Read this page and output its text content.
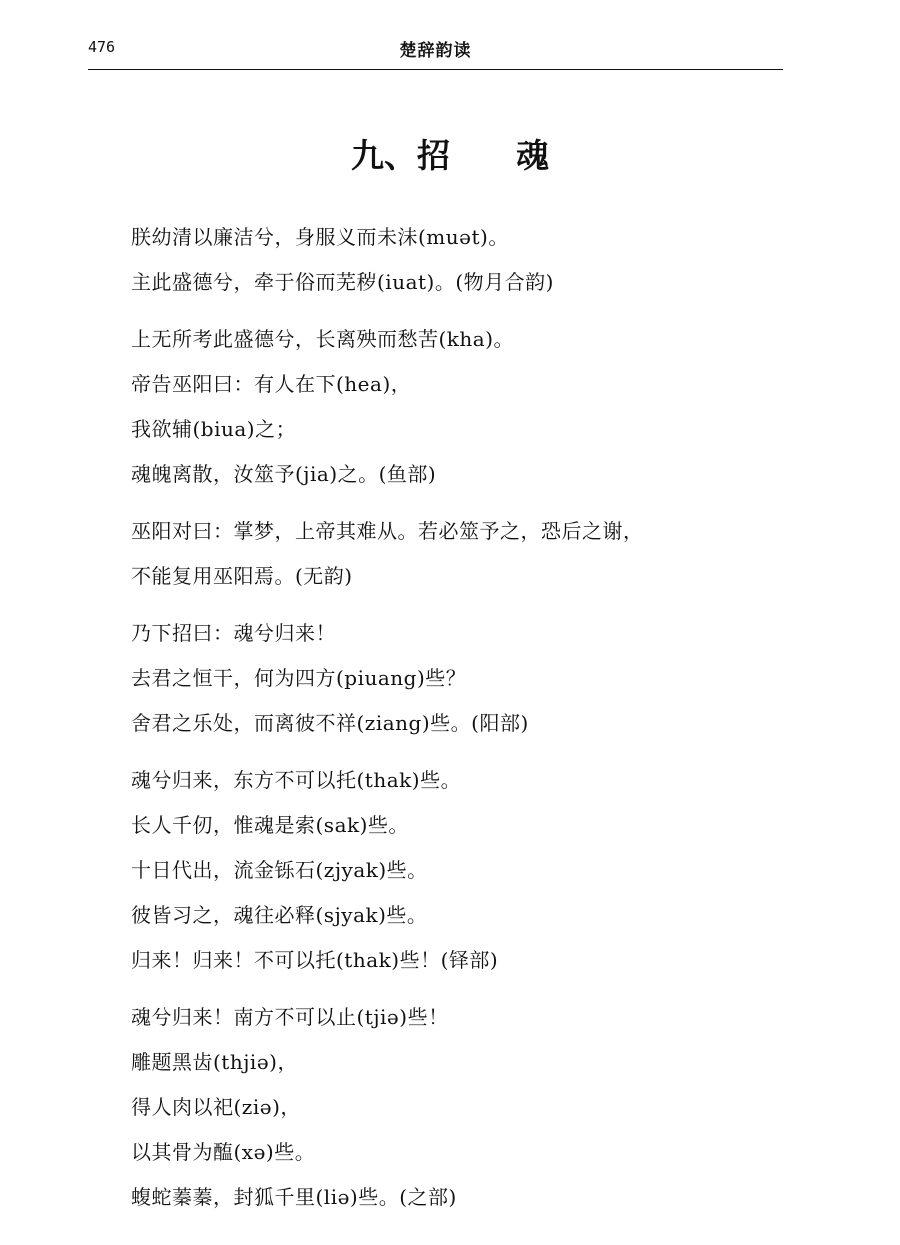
476	楚辞韵读
九、招　　魂
朕幼清以廉洁兮，身服义而未沬(muət)。
主此盛德兮，牵于俗而芜秽(iuat)。(物月合韵)
上无所考此盛德兮，长离殃而愁苦(kha)。
帝告巫阳曰：有人在下(hea)，
我欲辅(biua)之；
魂魄离散，汝筮予(jia)之。(鱼部)
巫阳对曰：掌梦，上帝其难从。若必筮予之，恐后之谢，
不能复用巫阳焉。(无韵)
乃下招曰：魂兮归来！
去君之恒干，何为四方(piuang)些？
舍君之乐处，而离彼不祥(ziang)些。(阳部)
魂兮归来，东方不可以托(thak)些。
长人千仞，惟魂是索(sak)些。
十日代出，流金铄石(zjyak)些。
彼皆习之，魂往必释(sjyak)些。
归来！归来！不可以托(thak)些！(铎部)
魂兮归来！南方不可以止(tjiə)些！
雕题黑齿(thjiə)，
得人肉以祀(ziə)，
以其骨为醢(xə)些。
蝮蛇蓁蓁，封狐千里(liə)些。(之部)
